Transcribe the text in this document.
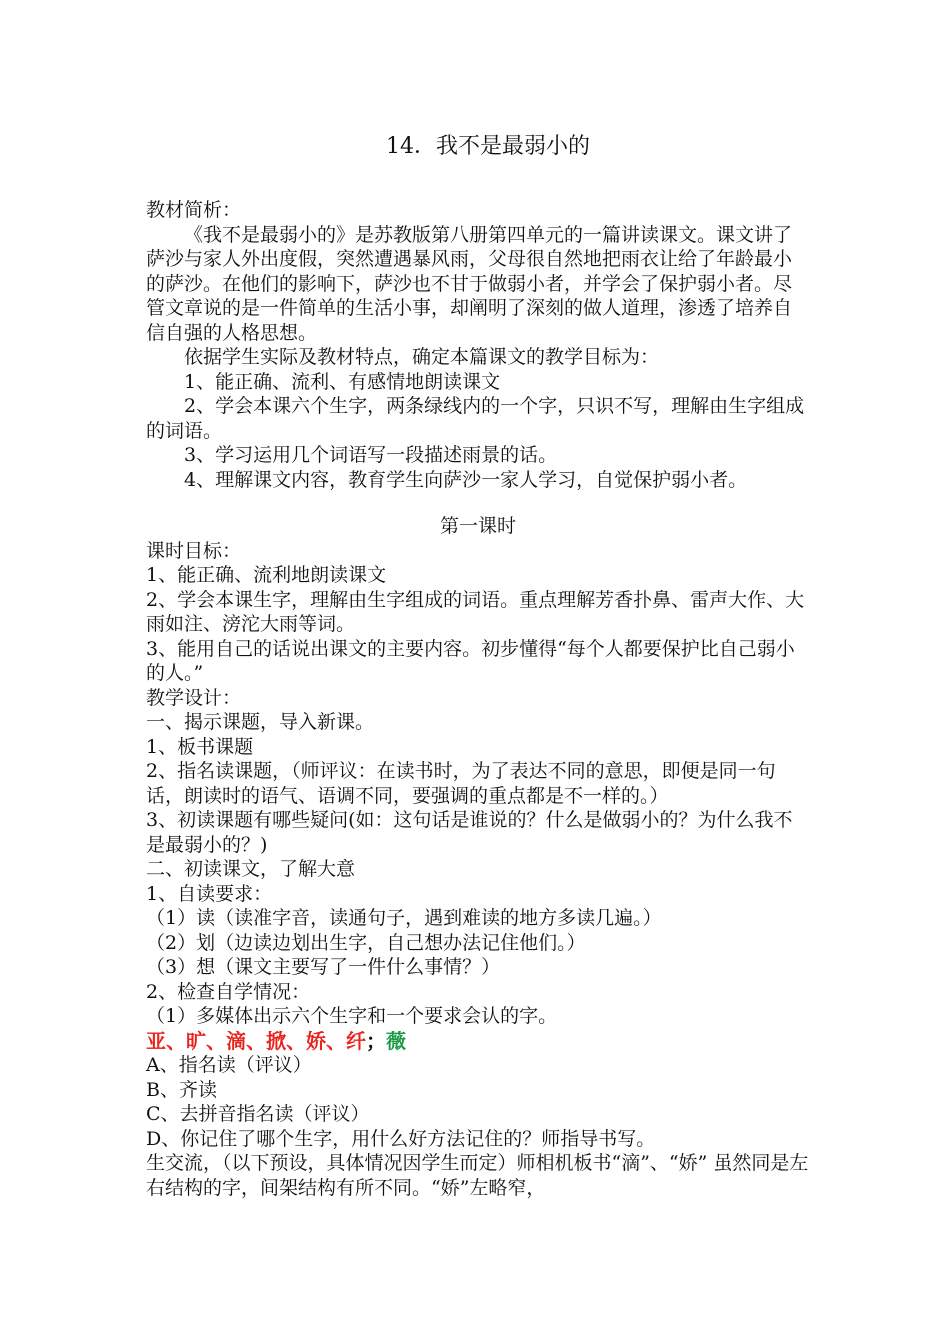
14．我不是最弱小的

教材简析：

《我不是最弱小的》是苏教版第八册第四单元的一篇讲读课文。课文讲了萨沙与家人外出度假，突然遭遇暴风雨，父母很自然地把雨衣让给了年龄最小的萨沙。在他们的影响下，萨沙也不甘于做弱小者，并学会了保护弱小者。尽管文章说的是一件简单的生活小事，却阐明了深刻的做人道理，渗透了培养自信自强的人格思想。

依据学生实际及教材特点，确定本篇课文的教学目标为：

1、能正确、流利、有感情地朗读课文

2、学会本课六个生字，两条绿线内的一个字，只识不写，理解由生字组成的词语。

3、学习运用几个词语写一段描述雨景的话。

4、理解课文内容，教育学生向萨沙一家人学习，自觉保护弱小者。

第一课时

课时目标：

1、能正确、流利地朗读课文

2、学会本课生字，理解由生字组成的词语。重点理解芳香扑鼻、雷声大作、大雨如注、滂沱大雨等词。

3、能用自己的话说出课文的主要内容。初步懂得“每个人都要保护比自己弱小的人。”

教学设计：

一、揭示课题，导入新课。

1、板书课题

2、指名读课题，（师评议：在读书时，为了表达不同的意思，即便是同一句话，朗读时的语气、语调不同，要强调的重点都是不一样的。）

3、初读课题有哪些疑问(如：这句话是谁说的？什么是做弱小的？为什么我不是最弱小的？)

二、初读课文，了解大意

1、自读要求：

（1）读（读准字音，读通句子，遇到难读的地方多读几遍。）

（2）划（边读边划出生字，自己想办法记住他们。）

（3）想（课文主要写了一件什么事情？）

2、检查自学情况：

（1）多媒体出示六个生字和一个要求会认的字。

亚、旷、滴、掀、娇、纤；薇

A、指名读（评议）

B、齐读

C、去拼音指名读（评议）

D、你记住了哪个生字，用什么好方法记住的？师指导书写。

生交流，（以下预设，具体情况因学生而定）师相机板书“滴”、“娇” 虽然同是左右结构的字，间架结构有所不同。“娇”左略窄，
